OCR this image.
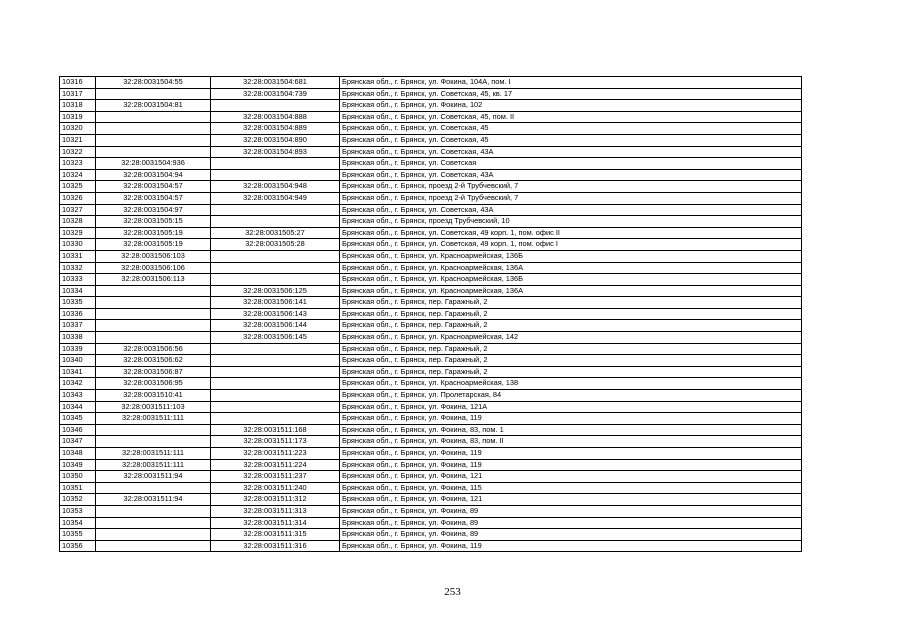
10316	32:28:0031504:55	32:28:0031504:681	Брянская обл., г. Брянск, ул. Фокина, 104А, пом. I
10317		32:28:0031504:739	Брянская обл., г. Брянск, ул. Советская, 45, кв. 17
10318	32:28:0031504:81		Брянская обл., г. Брянск, ул. Фокина, 102
10319		32:28:0031504:888	Брянская обл., г. Брянск, ул. Советская, 45, пом. II
10320		32:28:0031504:889	Брянская обл., г. Брянск, ул. Советская, 45
10321		32:28:0031504:890	Брянская обл., г. Брянск, ул. Советская, 45
10322		32:28:0031504:893	Брянская обл., г. Брянск, ул. Советская, 43А
10323	32:28:0031504:936		Брянская обл., г. Брянск, ул. Советская
10324	32:28:0031504:94		Брянская обл., г. Брянск, ул. Советская, 43А
10325	32:28:0031504:57	32:28:0031504:948	Брянская обл., г. Брянск, проезд 2-й Трубчевский, 7
10326	32:28:0031504:57	32:28:0031504:949	Брянская обл., г. Брянск, проезд 2-й Трубчевский, 7
10327	32:28:0031504:97		Брянская обл., г. Брянск, ул. Советская, 43А
10328	32:28:0031505:15		Брянская обл., г. Брянск, проезд Трубчевский, 10
10329	32:28:0031505:19	32:28:0031505:27	Брянская обл., г. Брянск, ул. Советская, 49 корп. 1, пом. офис II
10330	32:28:0031505:19	32:28:0031505:28	Брянская обл., г. Брянск, ул. Советская, 49 корп. 1, пом. офис I
10331	32:28:0031506:103		Брянская обл., г. Брянск, ул. Красноармейская, 136Б
10332	32:28:0031506:106		Брянская обл., г. Брянск, ул. Красноармейская, 136А
10333	32:28:0031506:113		Брянская обл., г. Брянск, ул. Красноармейская, 136Б
10334		32:28:0031506:125	Брянская обл., г. Брянск, ул. Красноармейская, 136А
10335		32:28:0031506:141	Брянская обл., г. Брянск, пер. Гаражный, 2
10336		32:28:0031506:143	Брянская обл., г. Брянск, пер. Гаражный, 2
10337		32:28:0031506:144	Брянская обл., г. Брянск, пер. Гаражный, 2
10338		32:28:0031506:145	Брянская обл., г. Брянск, ул. Красноармейская, 142
10339	32:28:0031506:56		Брянская обл., г. Брянск, пер. Гаражный, 2
10340	32:28:0031506:62		Брянская обл., г. Брянск, пер. Гаражный, 2
10341	32:28:0031506:87		Брянская обл., г. Брянск, пер. Гаражный, 2
10342	32:28:0031506:95		Брянская обл., г. Брянск, ул. Красноармейская, 138
10343	32:28:0031510:41		Брянская обл., г. Брянск, ул. Пролетарская, 84
10344	32:28:0031511:103		Брянская обл., г. Брянск, ул. Фокина, 121А
10345	32:28:0031511:111		Брянская обл., г. Брянск, ул. Фокина, 119
10346		32:28:0031511:168	Брянская обл., г. Брянск, ул. Фокина, 83, пом. 1
10347		32:28:0031511:173	Брянская обл., г. Брянск, ул. Фокина, 83, пом. II
10348	32:28:0031511:111	32:28:0031511:223	Брянская обл., г. Брянск, ул. Фокина, 119
10349	32:28:0031511:111	32:28:0031511:224	Брянская обл., г. Брянск, ул. Фокина, 119
10350	32:28:0031511:94	32:28:0031511:237	Брянская обл., г. Брянск, ул. Фокина, 121
10351		32:28:0031511:240	Брянская обл., г. Брянск, ул. Фокина, 115
10352	32:28:0031511:94	32:28:0031511:312	Брянская обл., г. Брянск, ул. Фокина, 121
10353		32:28:0031511:313	Брянская обл., г. Брянск, ул. Фокина, 89
10354		32:28:0031511:314	Брянская обл., г. Брянск, ул. Фокина, 89
10355		32:28:0031511:315	Брянская обл., г. Брянск, ул. Фокина, 89
10356		32:28:0031511:316	Брянская обл., г. Брянск, ул. Фокина, 119
253
